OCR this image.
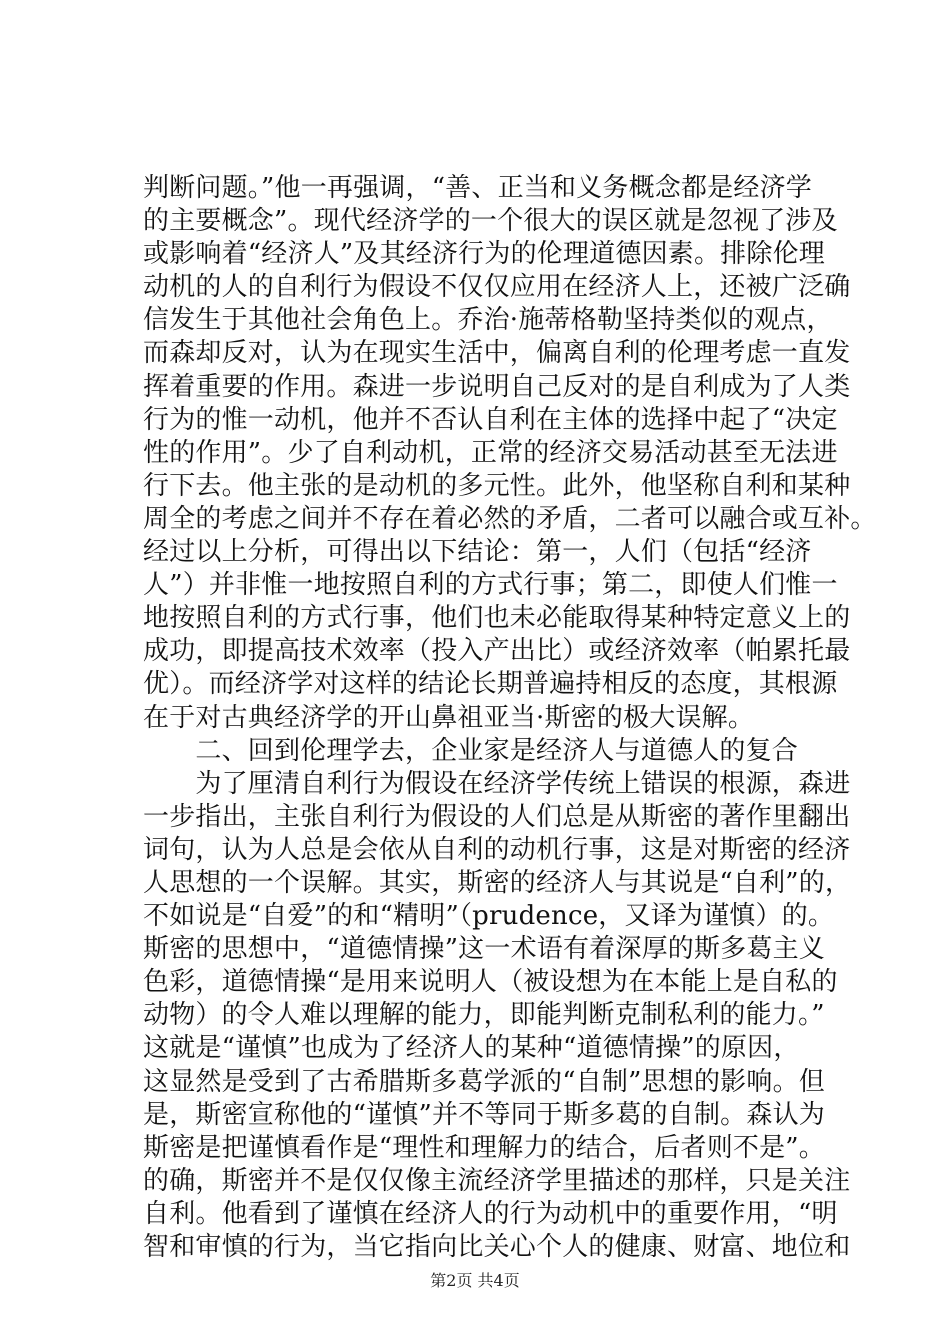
判断问题。”他一再强调，“善、正当和义务概念都是经济学
的主要概念”。现代经济学的一个很大的误区就是忽视了涉及
或影响着“经济人”及其经济行为的伦理道德因素。排除伦理
动机的人的自利行为假设不仅仅应用在经济人上，还被广泛确
信发生于其他社会角色上。乔治·施蒂格勒坚持类似的观点，
而森却反对，认为在现实生活中，偏离自利的伦理考虑一直发
挥着重要的作用。森进一步说明自己反对的是自利成为了人类
行为的惟一动机，他并不否认自利在主体的选择中起了“决定
性的作用”。少了自利动机，正常的经济交易活动甚至无法进
行下去。他主张的是动机的多元性。此外，他坚称自利和某种
周全的考虑之间并不存在着必然的矛盾，二者可以融合或互补。
经过以上分析，可得出以下结论：第一，人们（包括“经济
人”）并非惟一地按照自利的方式行事；第二，即使人们惟一
地按照自利的方式行事，他们也未必能取得某种特定意义上的
成功，即提高技术效率（投入产出比）或经济效率（帕累托最
优）。而经济学对这样的结论长期普遍持相反的态度，其根源
在于对古典经济学的开山鼻祖亚当·斯密的极大误解。
　　二、回到伦理学去，企业家是经济人与道德人的复合
　　为了厘清自利行为假设在经济学传统上错误的根源，森进
一步指出，主张自利行为假设的人们总是从斯密的著作里翻出
词句，认为人总是会依从自利的动机行事，这是对斯密的经济
人思想的一个误解。其实，斯密的经济人与其说是“自利”的，
不如说是“自爱”的和“精明”（prudence，又译为谨慎）的。
斯密的思想中，“道德情操”这一术语有着深厚的斯多葛主义
色彩，道德情操“是用来说明人（被设想为在本能上是自私的
动物）的令人难以理解的能力，即能判断克制私利的能力。”
这就是“谨慎”也成为了经济人的某种“道德情操”的原因，
这显然是受到了古希腊斯多葛学派的“自制”思想的影响。但
是，斯密宣称他的“谨慎”并不等同于斯多葛的自制。森认为
斯密是把谨慎看作是“理性和理解力的结合，后者则不是”。
的确，斯密并不是仅仅像主流经济学里描述的那样，只是关注
自利。他看到了谨慎在经济人的行为动机中的重要作用，“明
智和审慎的行为，当它指向比关心个人的健康、财富、地位和
第2页 共4页
